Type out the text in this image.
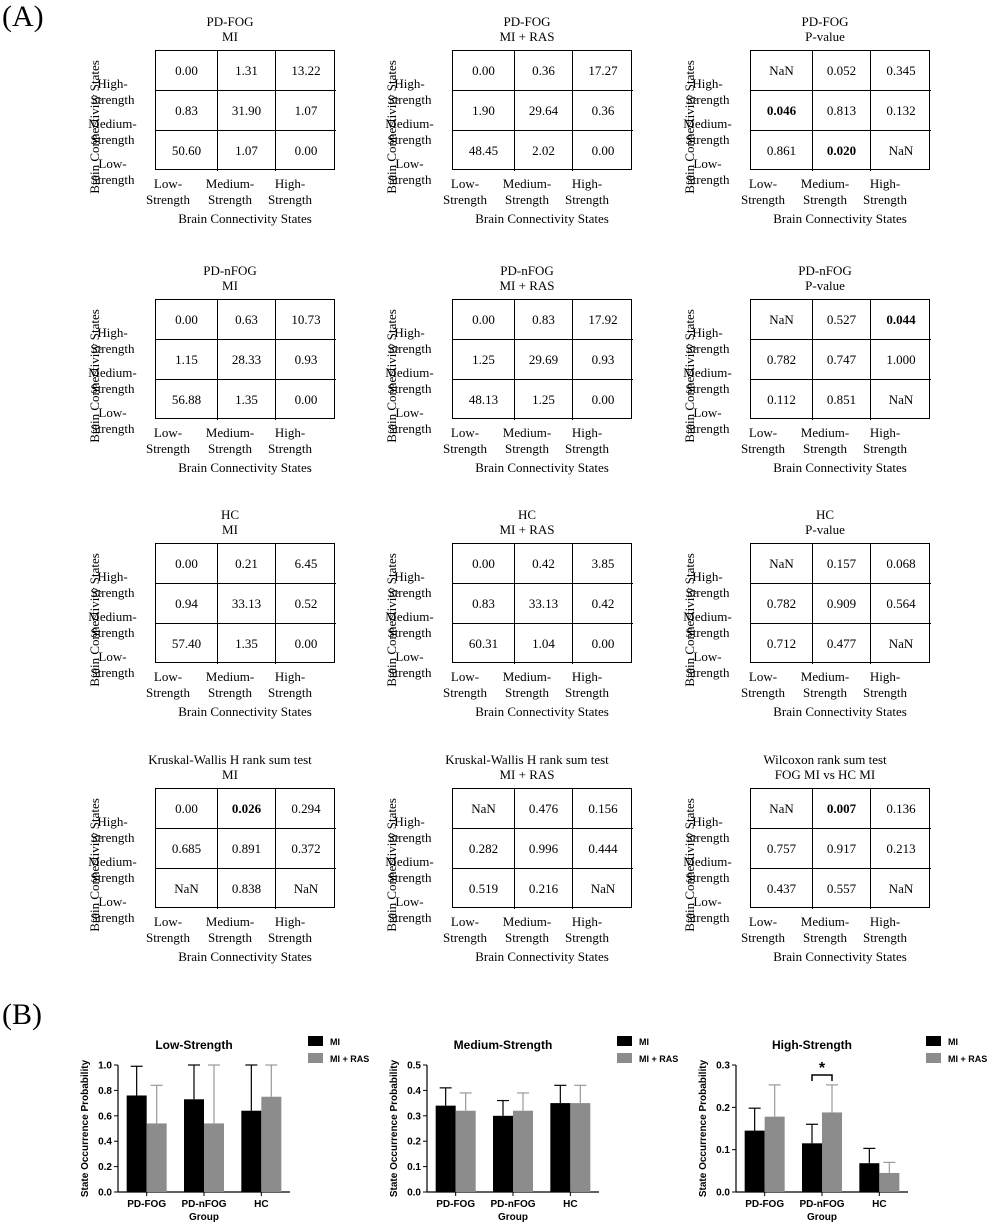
(A)
(B)
PD-FOG
MI
Brain Connectivity States
High-
Strength
Medium-
Strength
Low-
Strength
0.00	1.31	13.22
0.83	31.90	1.07
50.60	1.07	0.00
Low-
Strength
Medium-
Strength
High-
Strength
Brain Connectivity States
PD-FOG
MI + RAS
Brain Connectivity States
High-
Strength
Medium-
Strength
Low-
Strength
0.00	0.36	17.27
1.90	29.64	0.36
48.45	2.02	0.00
Low-
Strength
Medium-
Strength
High-
Strength
Brain Connectivity States
PD-FOG
P-value
Brain Connectivity States
High-
Strength
Medium-
Strength
Low-
Strength
NaN	0.052	0.345
0.046	0.813	0.132
0.861	0.020	NaN
Low-
Strength
Medium-
Strength
High-
Strength
Brain Connectivity States
PD-nFOG
MI
Brain Connectivity States
High-
Strength
Medium-
Strength
Low-
Strength
0.00	0.63	10.73
1.15	28.33	0.93
56.88	1.35	0.00
Low-
Strength
Medium-
Strength
High-
Strength
Brain Connectivity States
PD-nFOG
MI + RAS
Brain Connectivity States
High-
Strength
Medium-
Strength
Low-
Strength
0.00	0.83	17.92
1.25	29.69	0.93
48.13	1.25	0.00
Low-
Strength
Medium-
Strength
High-
Strength
Brain Connectivity States
PD-nFOG
P-value
Brain Connectivity States
High-
Strength
Medium-
Strength
Low-
Strength
NaN	0.527	0.044
0.782	0.747	1.000
0.112	0.851	NaN
Low-
Strength
Medium-
Strength
High-
Strength
Brain Connectivity States
HC
MI
Brain Connectivity States
High-
Strength
Medium-
Strength
Low-
Strength
0.00	0.21	6.45
0.94	33.13	0.52
57.40	1.35	0.00
Low-
Strength
Medium-
Strength
High-
Strength
Brain Connectivity States
HC
MI + RAS
Brain Connectivity States
High-
Strength
Medium-
Strength
Low-
Strength
0.00	0.42	3.85
0.83	33.13	0.42
60.31	1.04	0.00
Low-
Strength
Medium-
Strength
High-
Strength
Brain Connectivity States
HC
P-value
Brain Connectivity States
High-
Strength
Medium-
Strength
Low-
Strength
NaN	0.157	0.068
0.782	0.909	0.564
0.712	0.477	NaN
Low-
Strength
Medium-
Strength
High-
Strength
Brain Connectivity States
Kruskal-Wallis H rank sum test
MI
Brain Connectivity States
High-
Strength
Medium-
Strength
Low-
Strength
0.00	0.026	0.294
0.685	0.891	0.372
NaN	0.838	NaN
Low-
Strength
Medium-
Strength
High-
Strength
Brain Connectivity States
Kruskal-Wallis H rank sum test
MI + RAS
Brain Connectivity States
High-
Strength
Medium-
Strength
Low-
Strength
NaN	0.476	0.156
0.282	0.996	0.444
0.519	0.216	NaN
Low-
Strength
Medium-
Strength
High-
Strength
Brain Connectivity States
Wilcoxon rank sum test
FOG MI vs HC MI
Brain Connectivity States
High-
Strength
Medium-
Strength
Low-
Strength
NaN	0.007	0.136
0.757	0.917	0.213
0.437	0.557	NaN
Low-
Strength
Medium-
Strength
High-
Strength
Brain Connectivity States
Low-Strength
State Occurrence Probability 0.0
0.2
0.4
0.6
0.8
1.0
PD-FOG PD-nFOG	HC
Group
MI
MI + RAS
Medium-Strength
State Occurrence Probability 0.0
0.1
0.2
0.3
0.4
0.5
PD-FOG PD-nFOG	HC
Group
MI
MI + RAS
High-Strength
State Occurrence Probability 0.0
0.1
0.2
0.3
PD-FOG PD-nFOG	HC
Group
MI
MI + RAS
*
